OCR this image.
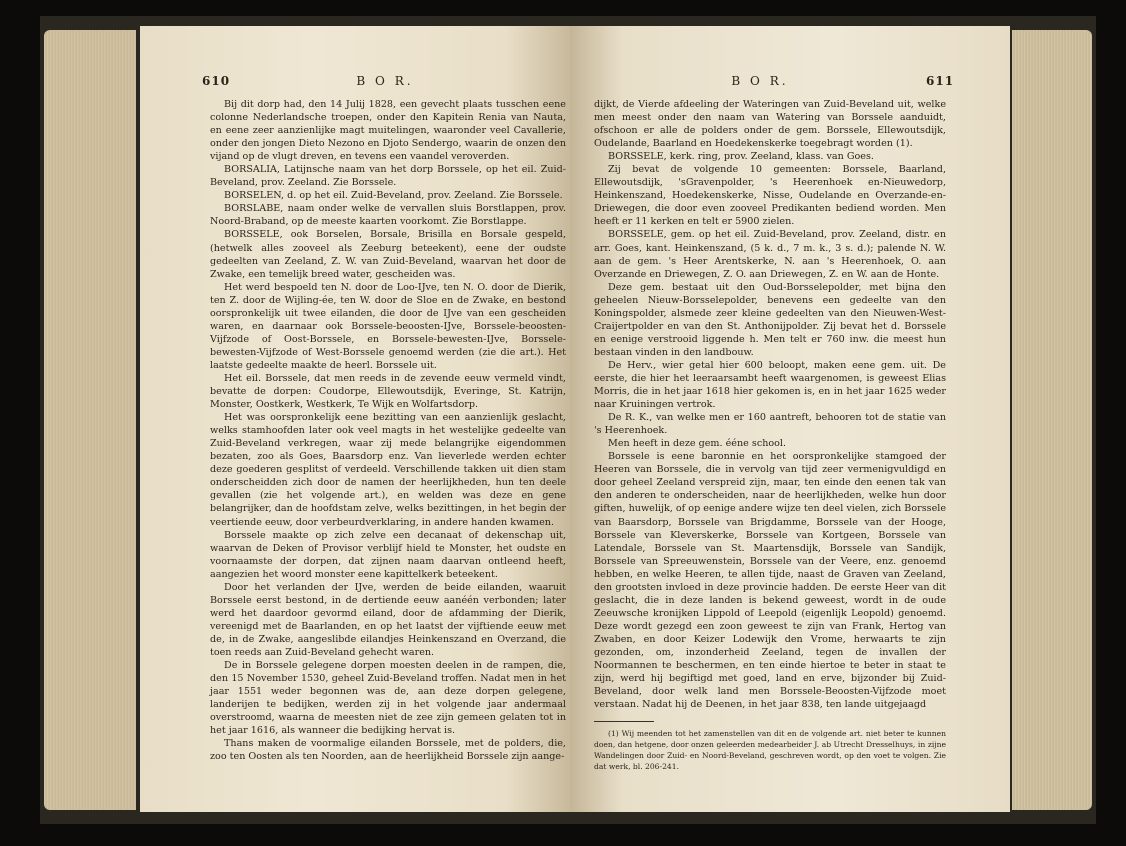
610	B O R.

Bij dit dorp had, den 14 Julij 1828, een gevecht plaats tusschen eene colonne Nederlandsche troepen, onder den Kapitein Renia van Nauta, en eene zeer aanzienlijke magt muitelingen, waaronder veel Cavallerie, onder den jongen Dieto Nezono en Djoto Sendergo, waarin de onzen den vijand op de vlugt dreven, en tevens een vaandel veroverden.

BORSALIA, Latijnsche naam van het dorp Borssele, op het eil. Zuid-Beveland, prov. Zeeland. Zie Borssele.

BORSELEN, d. op het eil. Zuid-Beveland, prov. Zeeland. Zie Borssele.

BORSLABE, naam onder welke de vervallen sluis Borstlappen, prov. Noord-Braband, op de meeste kaarten voorkomt. Zie Borstlappe.

BORSSELE, ook Borselen, Borsale, Brisilla en Borsale gespeld, (hetwelk alles zooveel als Zeeburg beteekent), eene der oudste gedeelten van Zeeland, Z. W. van Zuid-Beveland, waarvan het door de Zwake, een temelijk breed water, gescheiden was.

Het werd bespoeld ten N. door de Loo-IJve, ten N. O. door de Dierik, ten Z. door de Wijling-ée, ten W. door de Sloe en de Zwake, en bestond oorspronkelijk uit twee eilanden, die door de IJve van een gescheiden waren, en daarnaar ook Borssele-beoosten-IJve, Borssele-beoosten-Vijfzode of Oost-Borssele, en Borssele-bewesten-IJve, Borssele-bewesten-Vijfzode of West-Borssele genoemd werden (zie die art.). Het laatste gedeelte maakte de heerl. Borssele uit.

Het eil. Borssele, dat men reeds in de zevende eeuw vermeld vindt, bevatte de dorpen: Coudorpe, Ellewoutsdijk, Everinge, St. Katrijn, Monster, Oostkerk, Westkerk, Te Wijk en Wolfartsdorp.

Het was oorspronkelijk eene bezitting van een aanzienlijk geslacht, welks stamhoofden later ook veel magts in het westelijke gedeelte van Zuid-Beveland verkregen, waar zij mede belangrijke eigendommen bezaten, zoo als Goes, Baarsdorp enz. Van lieverlede werden echter deze goederen gesplitst of verdeeld. Verschillende takken uit dien stam onderscheidden zich door de namen der heerlijkheden, hun ten deele gevallen (zie het volgende art.), en welden was deze en gene belangrijker, dan de hoofdstam zelve, welks bezittingen, in het begin der veertiende eeuw, door verbeurdverklaring, in andere handen kwamen.

Borssele maakte op zich zelve een decanaat of dekenschap uit, waarvan de Deken of Provisor verblijf hield te Monster, het oudste en voornaamste der dorpen, dat zijnen naam daarvan ontleend heeft, aangezien het woord monster eene kapittelkerk beteekent.

Door het verlanden der IJve, werden de beide eilanden, waaruit Borssele eerst bestond, in de dertiende eeuw aanéén verbonden; later werd het daardoor gevormd eiland, door de afdamming der Dierik, vereenigd met de Baarlanden, en op het laatst der vijftiende eeuw met de, in de Zwake, aangeslibde eilandjes Heinkenszand en Overzand, die toen reeds aan Zuid-Beveland gehecht waren.

De in Borssele gelegene dorpen moesten deelen in de rampen, die, den 15 November 1530, geheel Zuid-Beveland troffen. Nadat men in het jaar 1551 weder begonnen was de, aan deze dorpen gelegene, landerijen te bedijken, werden zij in het volgende jaar andermaal overstroomd, waarna de meesten niet de zee zijn gemeen gelaten tot in het jaar 1616, als wanneer die bedijking hervat is.

Thans maken de voormalige eilanden Borssele, met de polders, die, zoo ten Oosten als ten Noorden, aan de heerlijkheid Borssele zijn aange-

B O R.	611

dijkt, de Vierde afdeeling der Wateringen van Zuid-Beveland uit, welke men meest onder den naam van Watering van Borssele aanduidt, ofschoon er alle de polders onder de gem. Borssele, Ellewoutsdijk, Oudelande, Baarland en Hoedekenskerke toegebragt worden (1).

BORSSELE, kerk. ring, prov. Zeeland, klass. van Goes.

Zij bevat de volgende 10 gemeenten: Borssele, Baarland, Ellewoutsdijk, 'sGravenpolder, 's Heerenhoek en-Nieuwedorp, Heinkenszand, Hoedekenskerke, Nisse, Oudelande en Overzande-en-Driewegen, die door even zooveel Predikanten bediend worden. Men heeft er 11 kerken en telt er 5900 zielen.

BORSSELE, gem. op het eil. Zuid-Beveland, prov. Zeeland, distr. en arr. Goes, kant. Heinkenszand, (5 k. d., 7 m. k., 3 s. d.); palende N. W. aan de gem. 's Heer Arentskerke, N. aan 's Heerenhoek, O. aan Overzande en Driewegen, Z. O. aan Driewegen, Z. en W. aan de Honte.

Deze gem. bestaat uit den Oud-Borsselepolder, met bijna den geheelen Nieuw-Borsselepolder, benevens een gedeelte van den Koningspolder, alsmede zeer kleine gedeelten van den Nieuwen-West-Craijertpolder en van den St. Anthonijpolder. Zij bevat het d. Borssele en eenige verstrooid liggende h. Men telt er 760 inw. die meest hun bestaan vinden in den landbouw.

De Herv., wier getal hier 600 beloopt, maken eene gem. uit. De eerste, die hier het leeraarsambt heeft waargenomen, is geweest Elias Morris, die in het jaar 1618 hier gekomen is, en in het jaar 1625 weder naar Kruiningen vertrok.

De R. K., van welke men er 160 aantreft, behooren tot de statie van 's Heerenhoek.

Men heeft in deze gem. ééne school.

Borssele is eene baronnie en het oorspronkelijke stamgoed der Heeren van Borssele, die in vervolg van tijd zeer vermenigvuldigd en door geheel Zeeland verspreid zijn, maar, ten einde den eenen tak van den anderen te onderscheiden, naar de heerlijkheden, welke hun door giften, huwelijk, of op eenige andere wijze ten deel vielen, zich Borssele van Baarsdorp, Borssele van Brigdamme, Borssele van der Hooge, Borssele van Kleverskerke, Borssele van Kortgeen, Borssele van Latendale, Borssele van St. Maartensdijk, Borssele van Sandijk, Borssele van Spreeuwenstein, Borssele van der Veere, enz. genoemd hebben, en welke Heeren, te allen tijde, naast de Graven van Zeeland, den grootsten invloed in deze provincie hadden. De eerste Heer van dit geslacht, die in deze landen is bekend geweest, wordt in de oude Zeeuwsche kronijken Lippold of Leepold (eigenlijk Leopold) genoemd. Deze wordt gezegd een zoon geweest te zijn van Frank, Hertog van Zwaben, en door Keizer Lodewijk den Vrome, herwaarts te zijn gezonden, om, inzonderheid Zeeland, tegen de invallen der Noormannen te beschermen, en ten einde hiertoe te beter in staat te zijn, werd hij begiftigd met goed, land en erve, bijzonder bij Zuid-Beveland, door welk land men Borssele-Beoosten-Vijfzode moet verstaan. Nadat hij de Deenen, in het jaar 838, ten lande uitgejaagd

(1) Wij meenden tot het zamenstellen van dit en de volgende art. niet beter te kunnen doen, dan hetgene, door onzen geleerden medearbeider J. ab Utrecht Dresselhuys, in zijne Wandelingen door Zuid- en Noord-Beveland, geschreven wordt, op den voet te volgen. Zie dat werk, bl. 206-241.
